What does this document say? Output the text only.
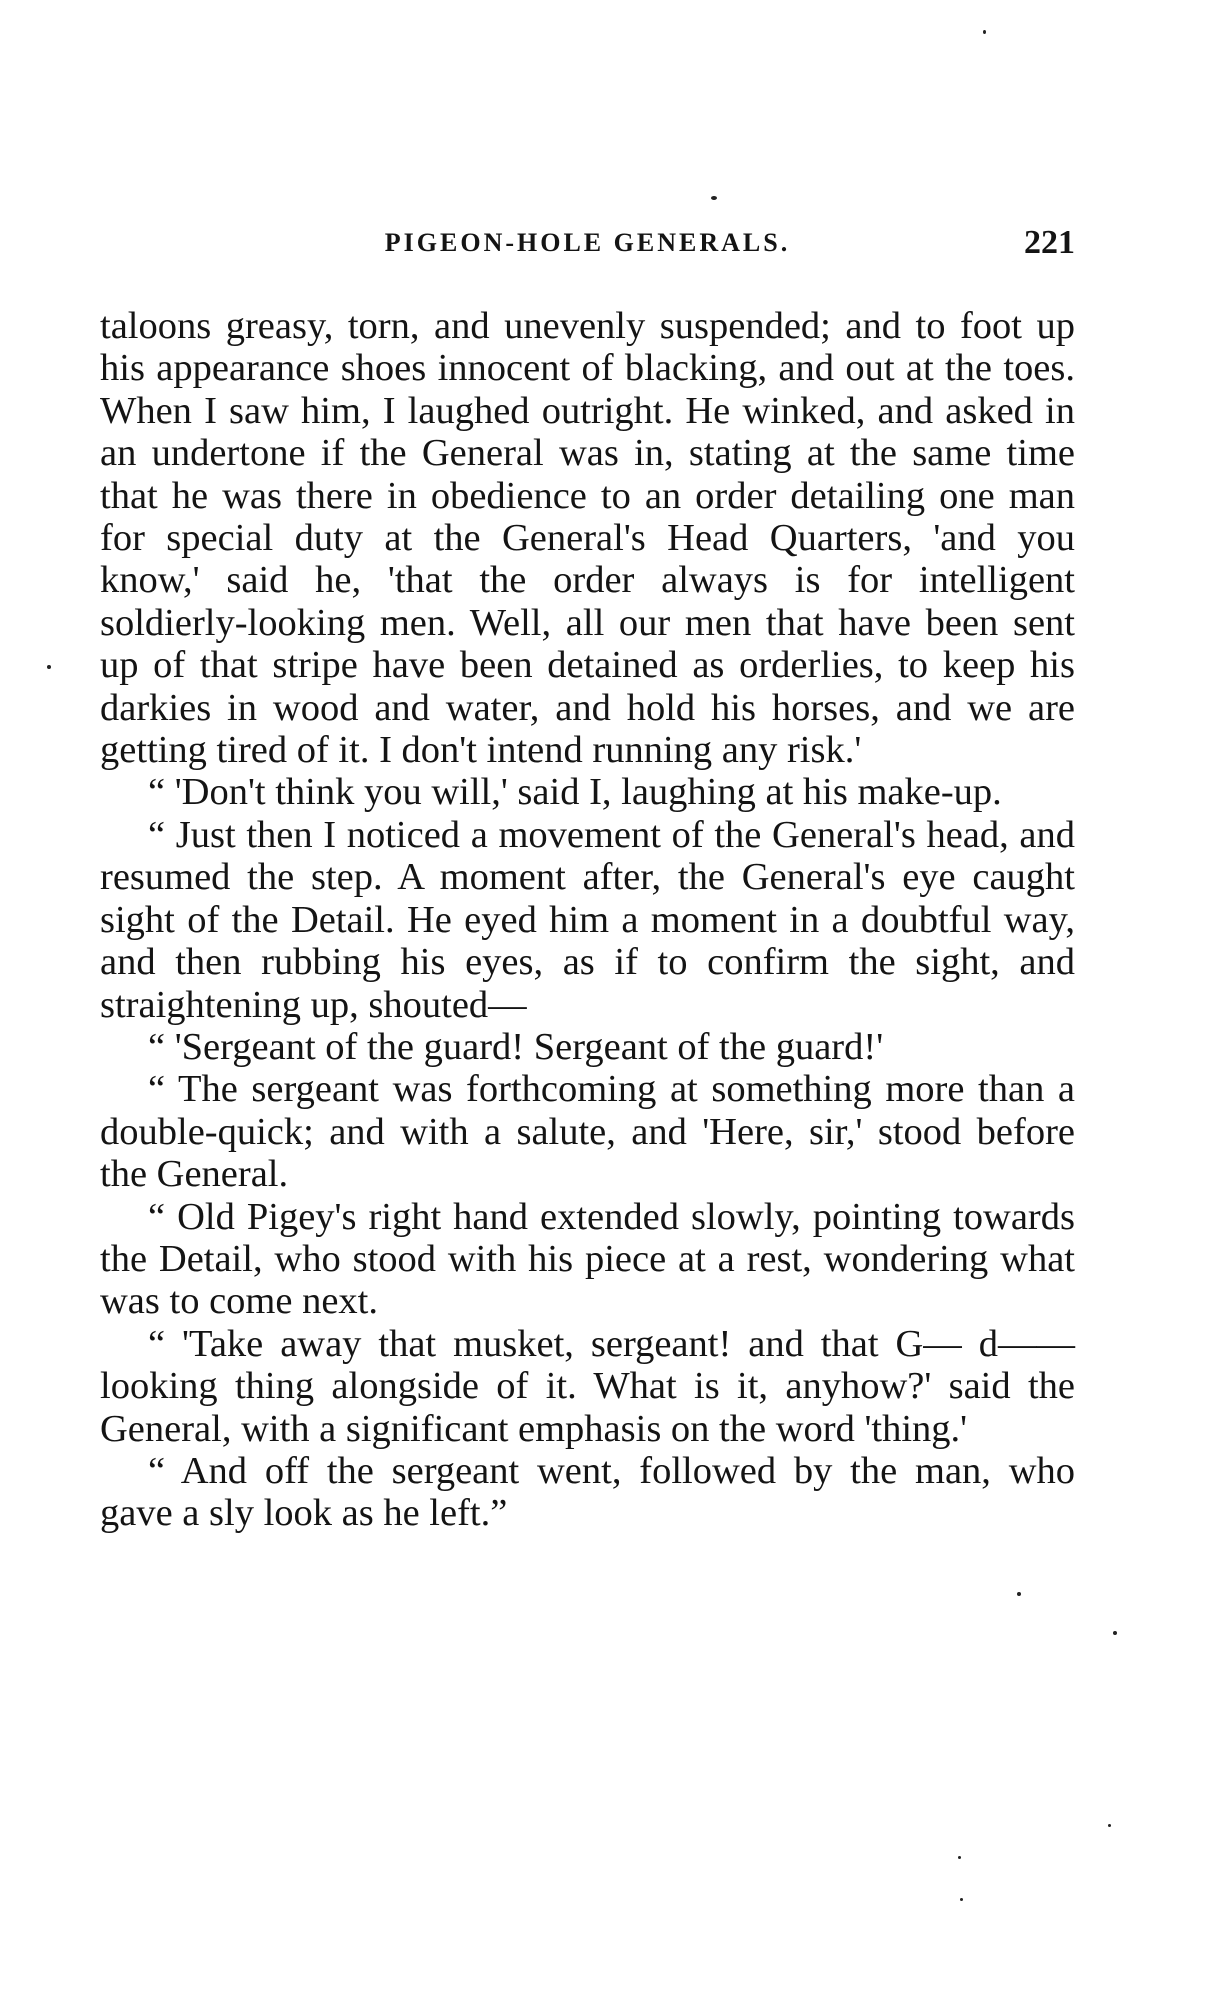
PIGEON-HOLE GENERALS.	221

taloons greasy, torn, and unevenly suspended; and to foot up his appearance shoes innocent of blacking, and out at the toes. When I saw him, I laughed outright. He winked, and asked in an undertone if the General was in, stating at the same time that he was there in obedience to an order detailing one man for special duty at the General's Head Quarters, 'and you know,' said he, 'that the order always is for intelligent soldierly-looking men. Well, all our men that have been sent up of that stripe have been detained as orderlies, to keep his darkies in wood and water, and hold his horses, and we are getting tired of it. I don't intend running any risk.'

“ 'Don't think you will,' said I, laughing at his make-up.

“ Just then I noticed a movement of the General's head, and resumed the step. A moment after, the General's eye caught sight of the Detail. He eyed him a moment in a doubtful way, and then rubbing his eyes, as if to confirm the sight, and straightening up, shouted—

“ 'Sergeant of the guard! Sergeant of the guard!'

“ The sergeant was forthcoming at something more than a double-quick; and with a salute, and 'Here, sir,' stood before the General.

“ Old Pigey's right hand extended slowly, pointing towards the Detail, who stood with his piece at a rest, wondering what was to come next.

“ 'Take away that musket, sergeant! and that G— d—— looking thing alongside of it. What is it, anyhow?' said the General, with a significant emphasis on the word 'thing.'

“ And off the sergeant went, followed by the man, who gave a sly look as he left.”
